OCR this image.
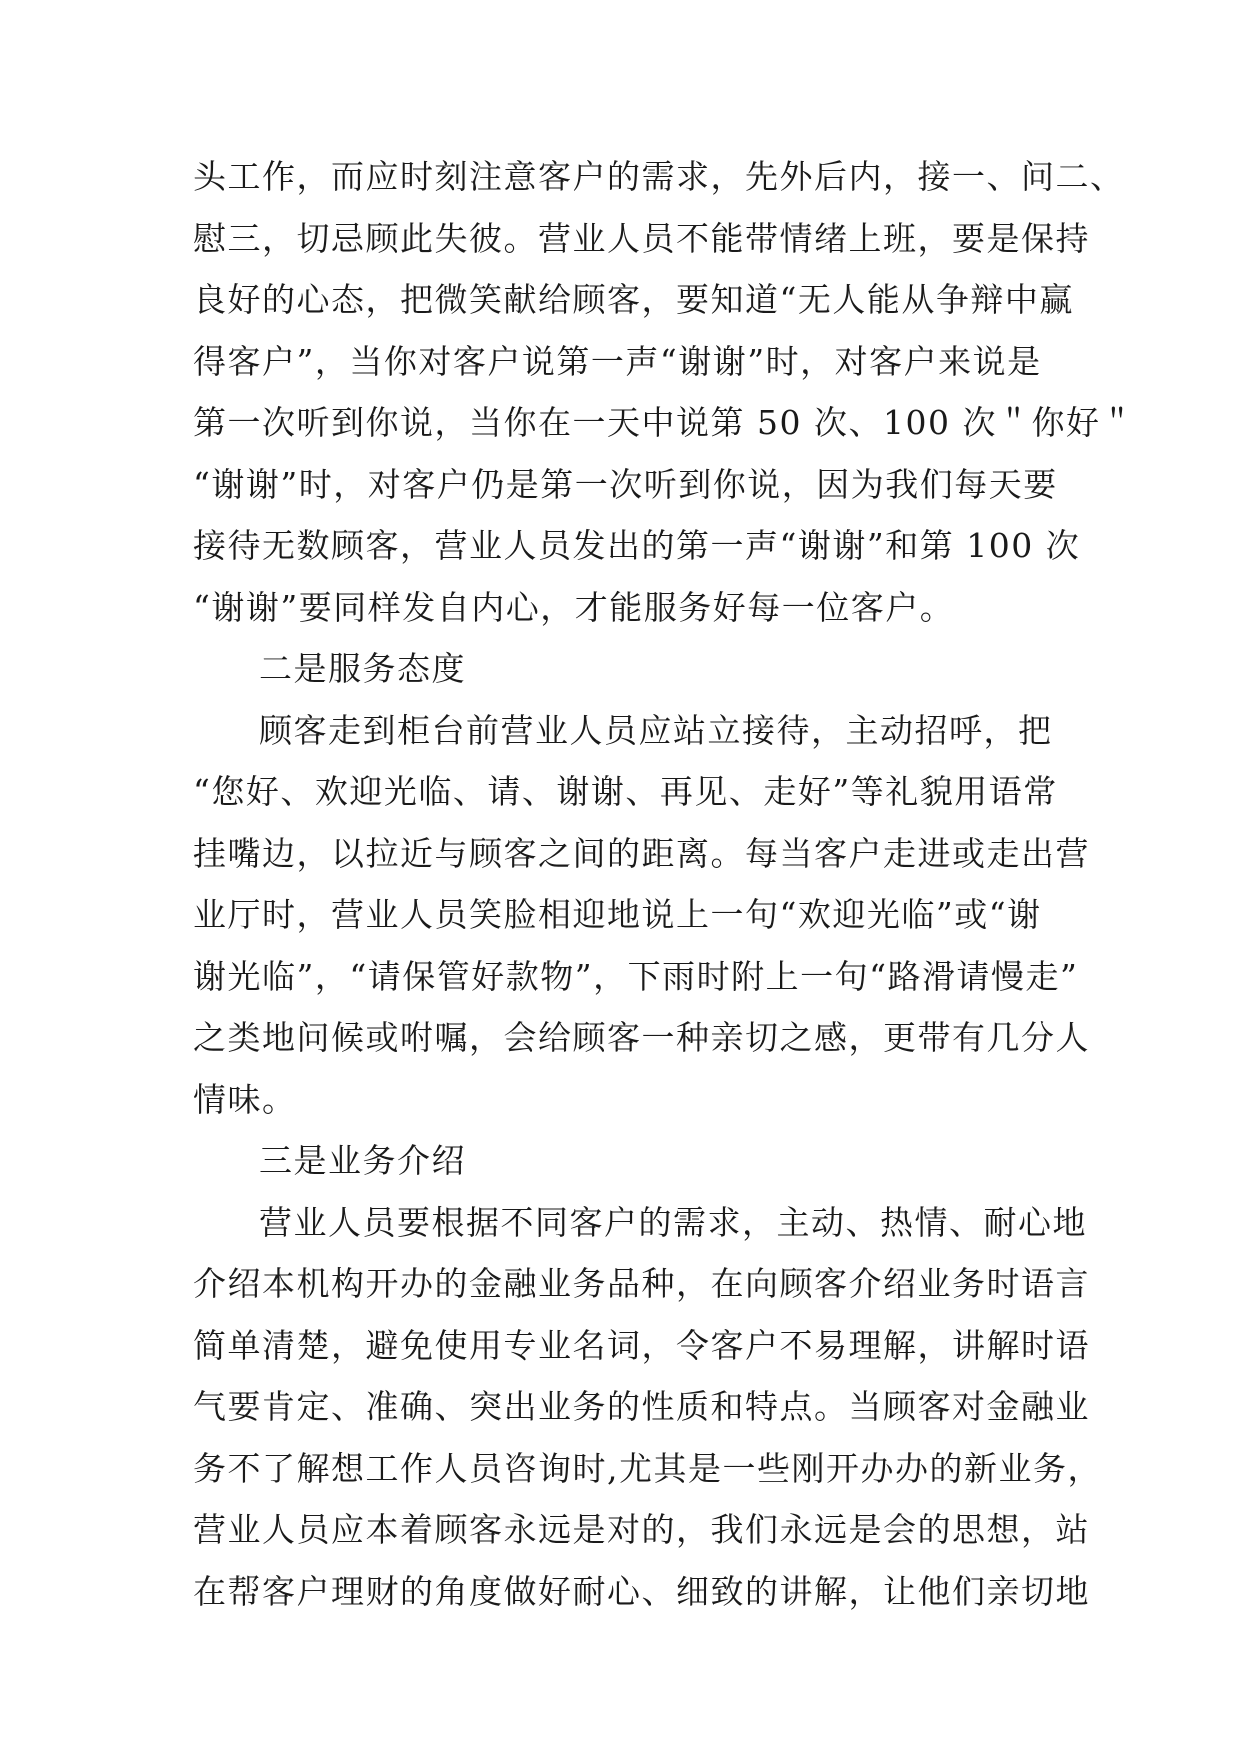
头工作，而应时刻注意客户的需求，先外后内，接一、问二、
慰三，切忌顾此失彼。营业人员不能带情绪上班，要是保持
良好的心态，把微笑献给顾客，要知道“无人能从争辩中赢
得客户”，当你对客户说第一声“谢谢”时，对客户来说是
第一次听到你说，当你在一天中说第 50 次、100 次＂你好＂
“谢谢”时，对客户仍是第一次听到你说，因为我们每天要
接待无数顾客，营业人员发出的第一声“谢谢”和第 100 次
“谢谢”要同样发自内心，才能服务好每一位客户。
二是服务态度
顾客走到柜台前营业人员应站立接待，主动招呼，把
“您好、欢迎光临、请、谢谢、再见、走好”等礼貌用语常
挂嘴边，以拉近与顾客之间的距离。每当客户走进或走出营
业厅时，营业人员笑脸相迎地说上一句“欢迎光临”或“谢
谢光临”，“请保管好款物”，下雨时附上一句“路滑请慢走”
之类地问候或咐嘱，会给顾客一种亲切之感，更带有几分人
情味。
三是业务介绍
营业人员要根据不同客户的需求，主动、热情、耐心地
介绍本机构开办的金融业务品种，在向顾客介绍业务时语言
简单清楚，避免使用专业名词，令客户不易理解，讲解时语
气要肯定、准确、突出业务的性质和特点。当顾客对金融业
务不了解想工作人员咨询时,尤其是一些刚开办办的新业务，
营业人员应本着顾客永远是对的，我们永远是会的思想，站
在帮客户理财的角度做好耐心、细致的讲解，让他们亲切地
